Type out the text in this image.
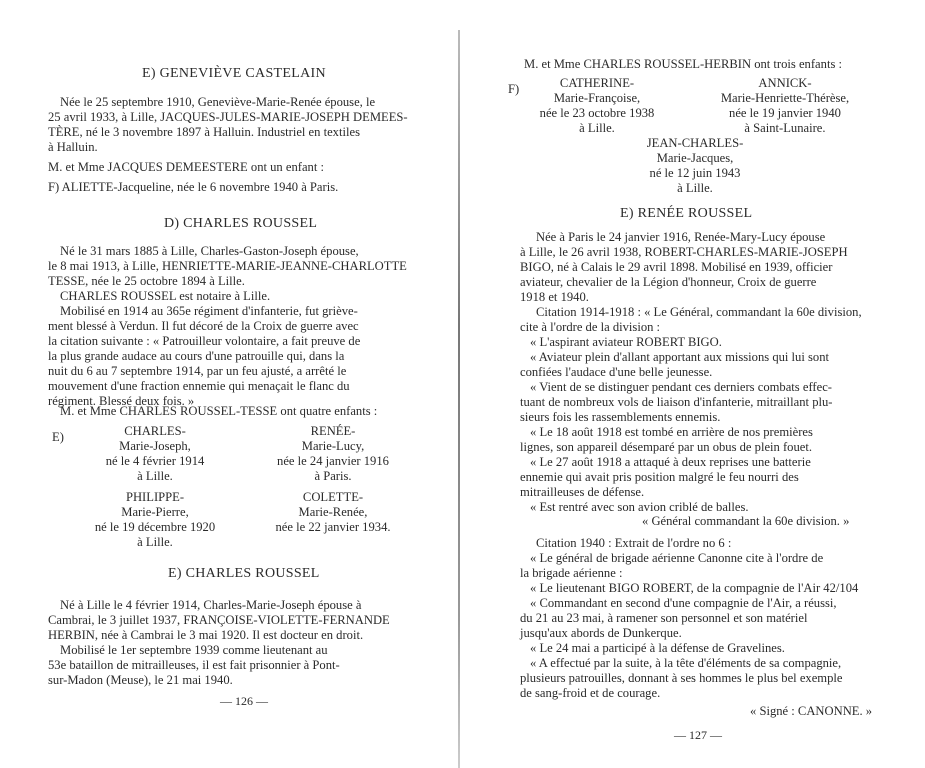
E) GENEVIÈVE CASTELAIN
Née le 25 septembre 1910, Geneviève-Marie-Renée épouse, le
25 avril 1933, à Lille, JACQUES-JULES-MARIE-JOSEPH DEMEES-
TÈRE, né le 3 novembre 1897 à Halluin. Industriel en textiles
à Halluin.
M. et Mme JACQUES DEMEESTERE ont un enfant :
F) ALIETTE-Jacqueline, née le 6 novembre 1940 à Paris.
D) CHARLES ROUSSEL
Né le 31 mars 1885 à Lille, Charles-Gaston-Joseph épouse,
le 8 mai 1913, à Lille, HENRIETTE-MARIE-JEANNE-CHARLOTTE
TESSE, née le 25 octobre 1894 à Lille.
CHARLES ROUSSEL est notaire à Lille.
Mobilisé en 1914 au 365e régiment d'infanterie, fut grièvе-
ment blessé à Verdun. Il fut décoré de la Croix de guerre avec
la citation suivante : « Patrouilleur volontaire, a fait preuve de
la plus grande audace au cours d'une patrouille qui, dans la
nuit du 6 au 7 septembre 1914, par un feu ajusté, a arrêté le
mouvement d'une fraction ennemie qui menaçait le flanc du
régiment. Blessé deux fois. »
M. et Mme CHARLES ROUSSEL-TESSE ont quatre enfants :
E)	CHARLES-
Marie-Joseph,
né le 4 février 1914
à Lille.
RENÉE-
Marie-Lucy,
née le 24 janvier 1916
à Paris.
PHILIPPE-
Marie-Pierre,
né le 19 décembre 1920
à Lille.
COLETTE-
Marie-Renée,
née le 22 janvier 1934.
E) CHARLES ROUSSEL
Né à Lille le 4 février 1914, Charles-Marie-Joseph épouse à
Cambrai, le 3 juillet 1937, FRANÇOISE-VIOLETTE-FERNANDE
HERBIN, née à Cambrai le 3 mai 1920. Il est docteur en droit.
Mobilisé le 1er septembre 1939 comme lieutenant au
53e bataillon de mitrailleuses, il est fait prisonnier à Pont-
sur-Madon (Meuse), le 21 mai 1940.
— 126 —
M. et Mme CHARLES ROUSSEL-HERBIN ont trois enfants :
F)	CATHERINE-
Marie-Françoise,
née le 23 octobre 1938
à Lille.
ANNICK-
Marie-Henriette-Thérèse,
née le 19 janvier 1940
à Saint-Lunaire.
JEAN-CHARLES-
Marie-Jacques,
né le 12 juin 1943
à Lille.
E) RENÉE ROUSSEL
Née à Paris le 24 janvier 1916, Renée-Mary-Lucy épouse
à Lille, le 26 avril 1938, ROBERT-CHARLES-MARIE-JOSEPH
BIGO, né à Calais le 29 avril 1898. Mobilisé en 1939, officier
aviateur, chevalier de la Légion d'honneur, Croix de guerre
1918 et 1940.
Citation 1914-1918 : « Le Général, commandant la 60e division,
cite à l'ordre de la division :
« L'aspirant aviateur ROBERT BIGO.
« Aviateur plein d'allant apportant aux missions qui lui sont
confiées l'audace d'une belle jeunesse.
« Vient de se distinguer pendant ces derniers combats effec-
tuant de nombreux vols de liaison d'infanterie, mitraillant plu-
sieurs fois les rassemblements ennemis.
« Le 18 août 1918 est tombé en arrière de nos premières
lignes, son appareil désemparé par un obus de plein fouet.
« Le 27 août 1918 a attaqué à deux reprises une batterie
ennemie qui avait pris position malgré le feu nourri des
mitrailleuses de défense.
« Est rentré avec son avion criblé de balles.
« Général commandant la 60e division. »
Citation 1940 : Extrait de l'ordre no 6 :
« Le général de brigade aérienne Canonne cite à l'ordre de
la brigade aérienne :
« Le lieutenant BIGO ROBERT, de la compagnie de l'Air 42/104
« Commandant en second d'une compagnie de l'Air, a réussi,
du 21 au 23 mai, à ramener son personnel et son matériel
jusqu'aux abords de Dunkerque.
« Le 24 mai a participé à la défense de Gravelines.
« A effectué par la suite, à la tête d'éléments de sa compagnie,
plusieurs patrouilles, donnant à ses hommes le plus bel exemple
de sang-froid et de courage.
« Signé : CANONNE. »
— 127 —
